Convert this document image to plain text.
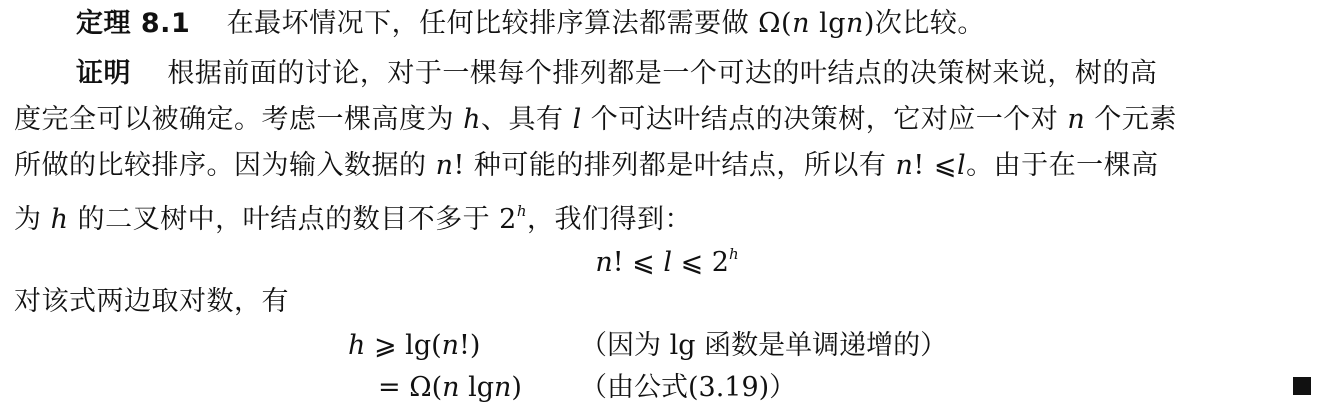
定理 8.1 在最坏情况下，任何比较排序算法都需要做 Ω(n lgn)次比较。
证明 根据前面的讨论，对于一棵每个排列都是一个可达的叶结点的决策树来说，树的高
度完全可以被确定。考虑一棵高度为 h、具有 l 个可达叶结点的决策树，它对应一个对 n 个元素
所做的比较排序。因为输入数据的 n! 种可能的排列都是叶结点，所以有 n! ⩽l。由于在一棵高
为 h 的二叉树中，叶结点的数目不多于 2$^h$，我们得到：
n! ⩽ l ⩽ 2$^h$
对该式两边取对数，有
h ⩾ lg(n!)	（因为 lg 函数是单调递增的）
= Ω(n lgn) （由公式(3.19)）
